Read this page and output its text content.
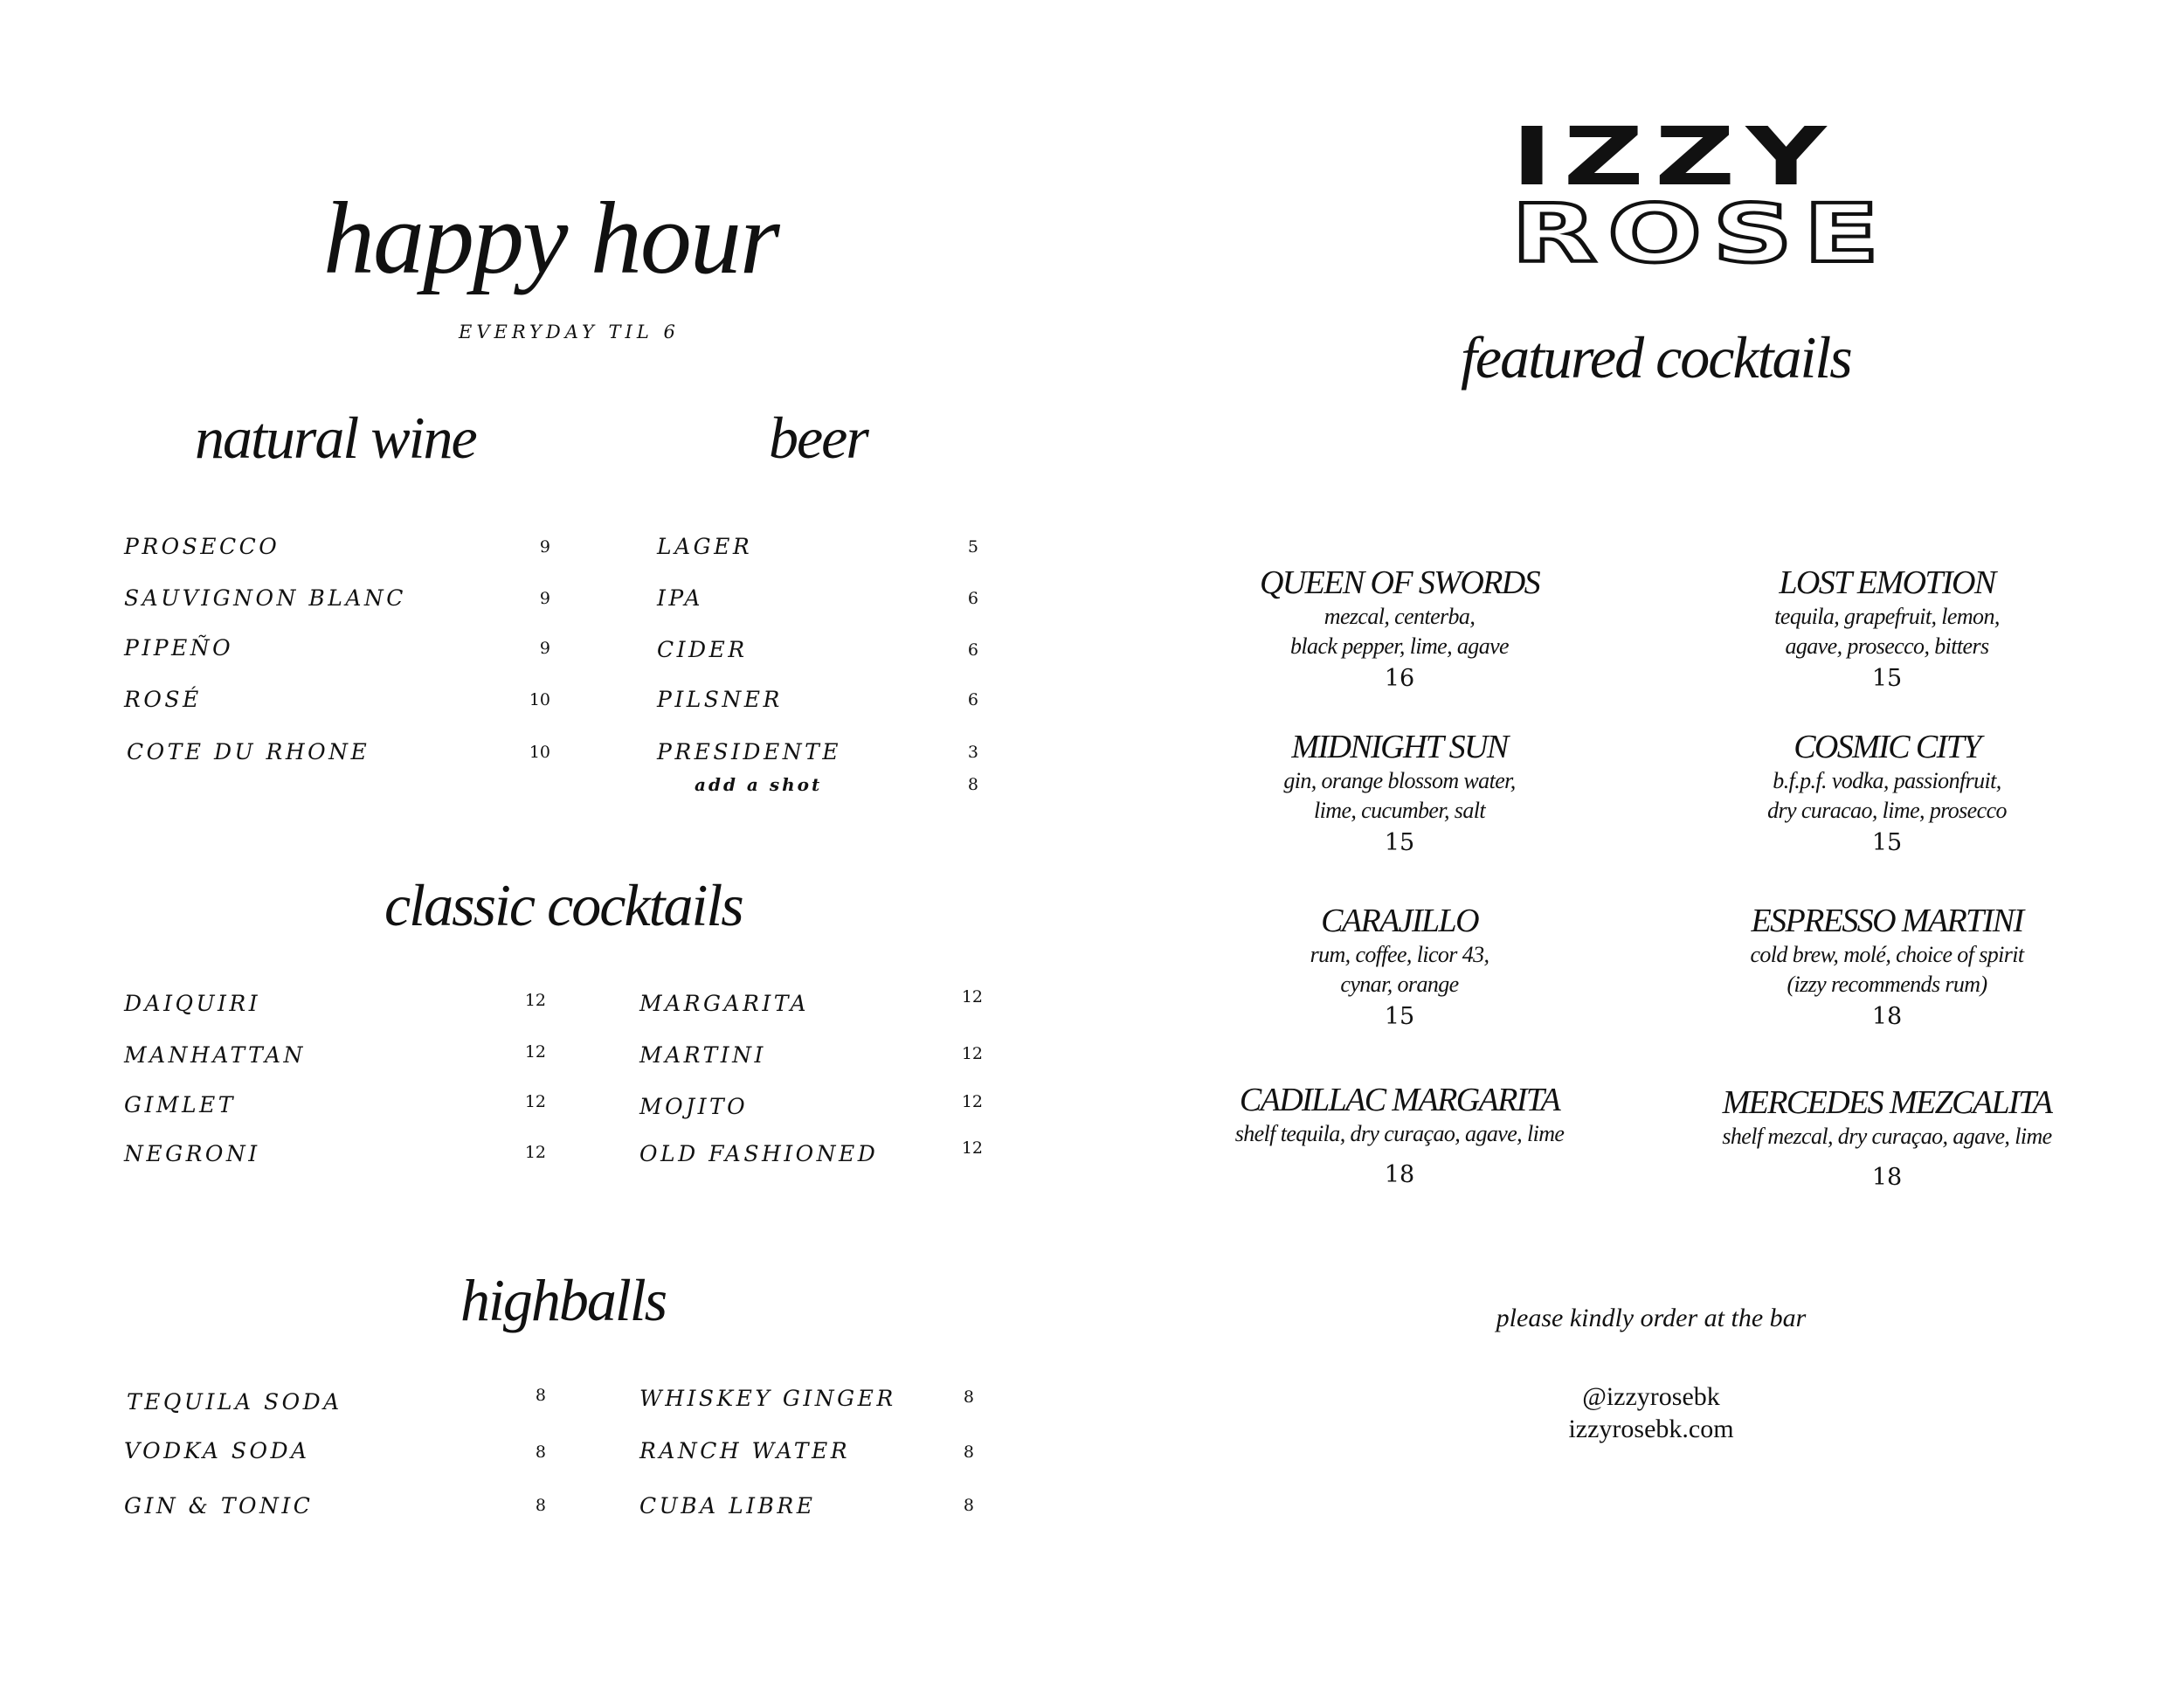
happy hour
EVERYDAY TIL 6
natural wine	beer
PROSECCO	9
SAUVIGNON BLANC	9
PIPEÑO	9
ROSÉ	10
COTE DU RHONE	10
LAGER	5
IPA	6
CIDER	6
PILSNER	6
PRESIDENTE	3
add a shot	8
classic cocktails
DAIQUIRI	12
MANHATTAN	12
GIMLET	12
NEGRONI	12
MARGARITA	12
MARTINI	12
MOJITO	12
OLD FASHIONED	12
highballs
TEQUILA SODA	8
VODKA SODA	8
GIN & TONIC	8
WHISKEY GINGER	8
RANCH WATER	8
CUBA LIBRE	8
IZZY
ROSE
featured cocktails
QUEEN OF SWORDS
mezcal, centerba,
black pepper, lime, agave
16
LOST EMOTION
tequila, grapefruit, lemon,
agave, prosecco, bitters
15
MIDNIGHT SUN
gin, orange blossom water,
lime, cucumber, salt
15
COSMIC CITY
b.f.p.f. vodka, passionfruit,
dry curacao, lime, prosecco
15
CARAJILLO
rum, coffee, licor 43,
cynar, orange
15
ESPRESSO MARTINI
cold brew, molé, choice of spirit
(izzy recommends rum)
18
CADILLAC MARGARITA
shelf tequila, dry curaçao, agave, lime
18
MERCEDES MEZCALITA
shelf mezcal, dry curaçao, agave, lime
18
please kindly order at the bar
@izzyrosebk
izzyrosebk.com
